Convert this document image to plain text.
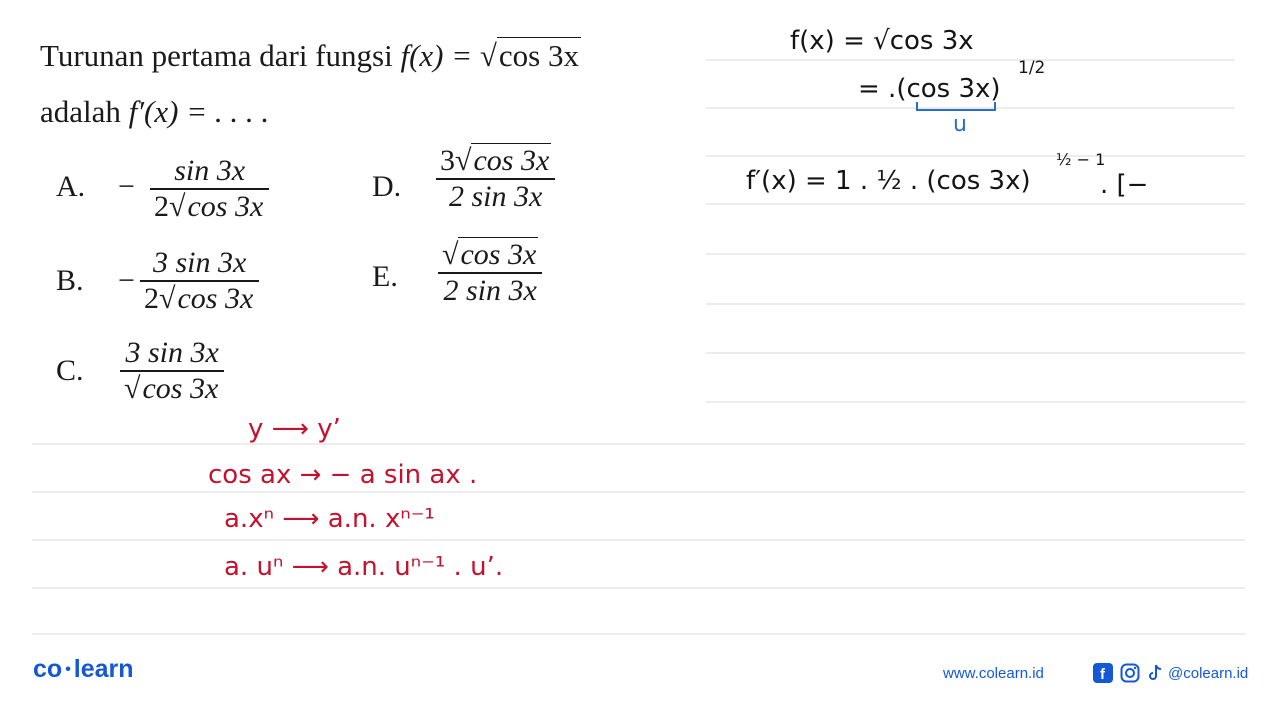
Turunan pertama dari fungsi f(x) = √cos 3x
adalah f′(x) = . . . .
A. − sin 3x
2√cos 3x
B. −
3 sin 3x
2√cos 3x
C.
3 sin 3x
√cos 3x
D.
3√cos 3x
2 sin 3x
E.
√cos 3x
2 sin 3x
f(x) = √cos 3x
= .(cos 3x)
1/2
u
f′(x) = 1 . ½ . (cos 3x)
½ − 1
. [−
y ⟶ y’
cos ax → − a sin ax .
a.xⁿ ⟶ a.n. xⁿ⁻¹
a. uⁿ ⟶ a.n. uⁿ⁻¹ . u’.
co • learn	www.colearn.id	f	@colearn.id
